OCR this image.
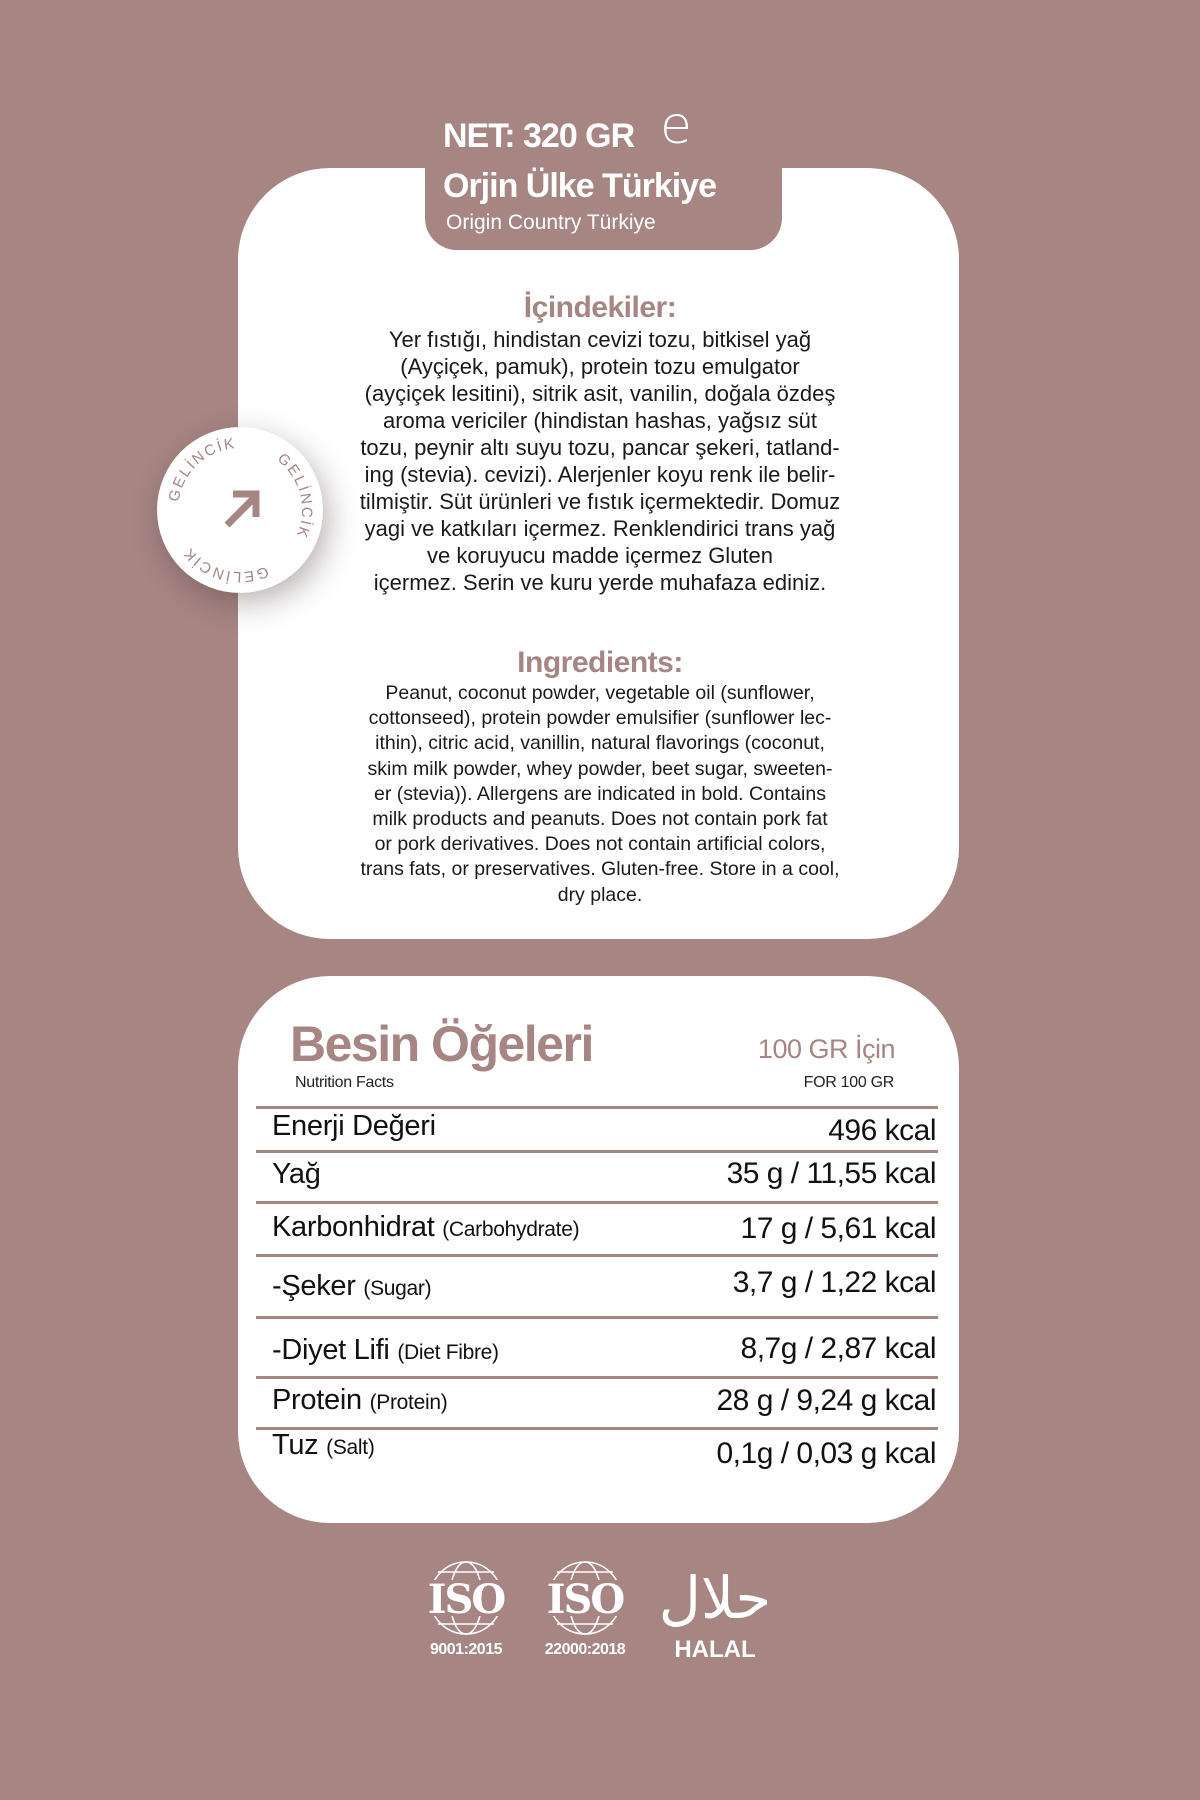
NET: 320 GR e
Orjin Ülke Türkiye
Origin Country Türkiye
İçindekiler:
Yer fıstığı, hindistan cevizi tozu, bitkisel yağ
(Ayçiçek, pamuk), protein tozu emulgator
(ayçiçek lesitini), sitrik asit, vanilin, doğala özdeş
aroma vericiler (hindistan hashas, yağsız süt
tozu, peynir altı suyu tozu, pancar şekeri, tatland-
ing (stevia). cevizi). Alerjenler koyu renk ile belir-
tilmiştir. Süt ürünleri ve fıstık içermektedir. Domuz
yagi ve katkıları içermez. Renklendirici trans yağ
ve koruyucu madde içermez Gluten
içermez. Serin ve kuru yerde muhafaza ediniz.
Ingredients:
Peanut, coconut powder, vegetable oil (sunflower,
cottonseed), protein powder emulsifier (sunflower lec-
ithin), citric acid, vanillin, natural flavorings (coconut,
skim milk powder, whey powder, beet sugar, sweeten-
er (stevia)). Allergens are indicated in bold. Contains
milk products and peanuts. Does not contain pork fat
or pork derivatives. Does not contain artificial colors,
trans fats, or preservatives. Gluten-free. Store in a cool,
dry place.
GELİNCİK
GELİNCİK
GELİNCİK
Besin Öğeleri
Nutrition Facts
100 GR İçin
FOR 100 GR
Enerji Değeri	496 kcal
Yağ	35 g / 11,55 kcal
Karbonhidrat (Carbohydrate)	17 g / 5,61 kcal
-Şeker (Sugar)	3,7 g / 1,22 kcal
-Diyet Lifi (Diet Fibre)	8,7g / 2,87 kcal
Protein (Protein)	28 g / 9,24 g kcal
Tuz (Salt)	0,1g / 0,03 g kcal
ISO
9001:2015
ISO
22000:2018
حلال
HALAL
